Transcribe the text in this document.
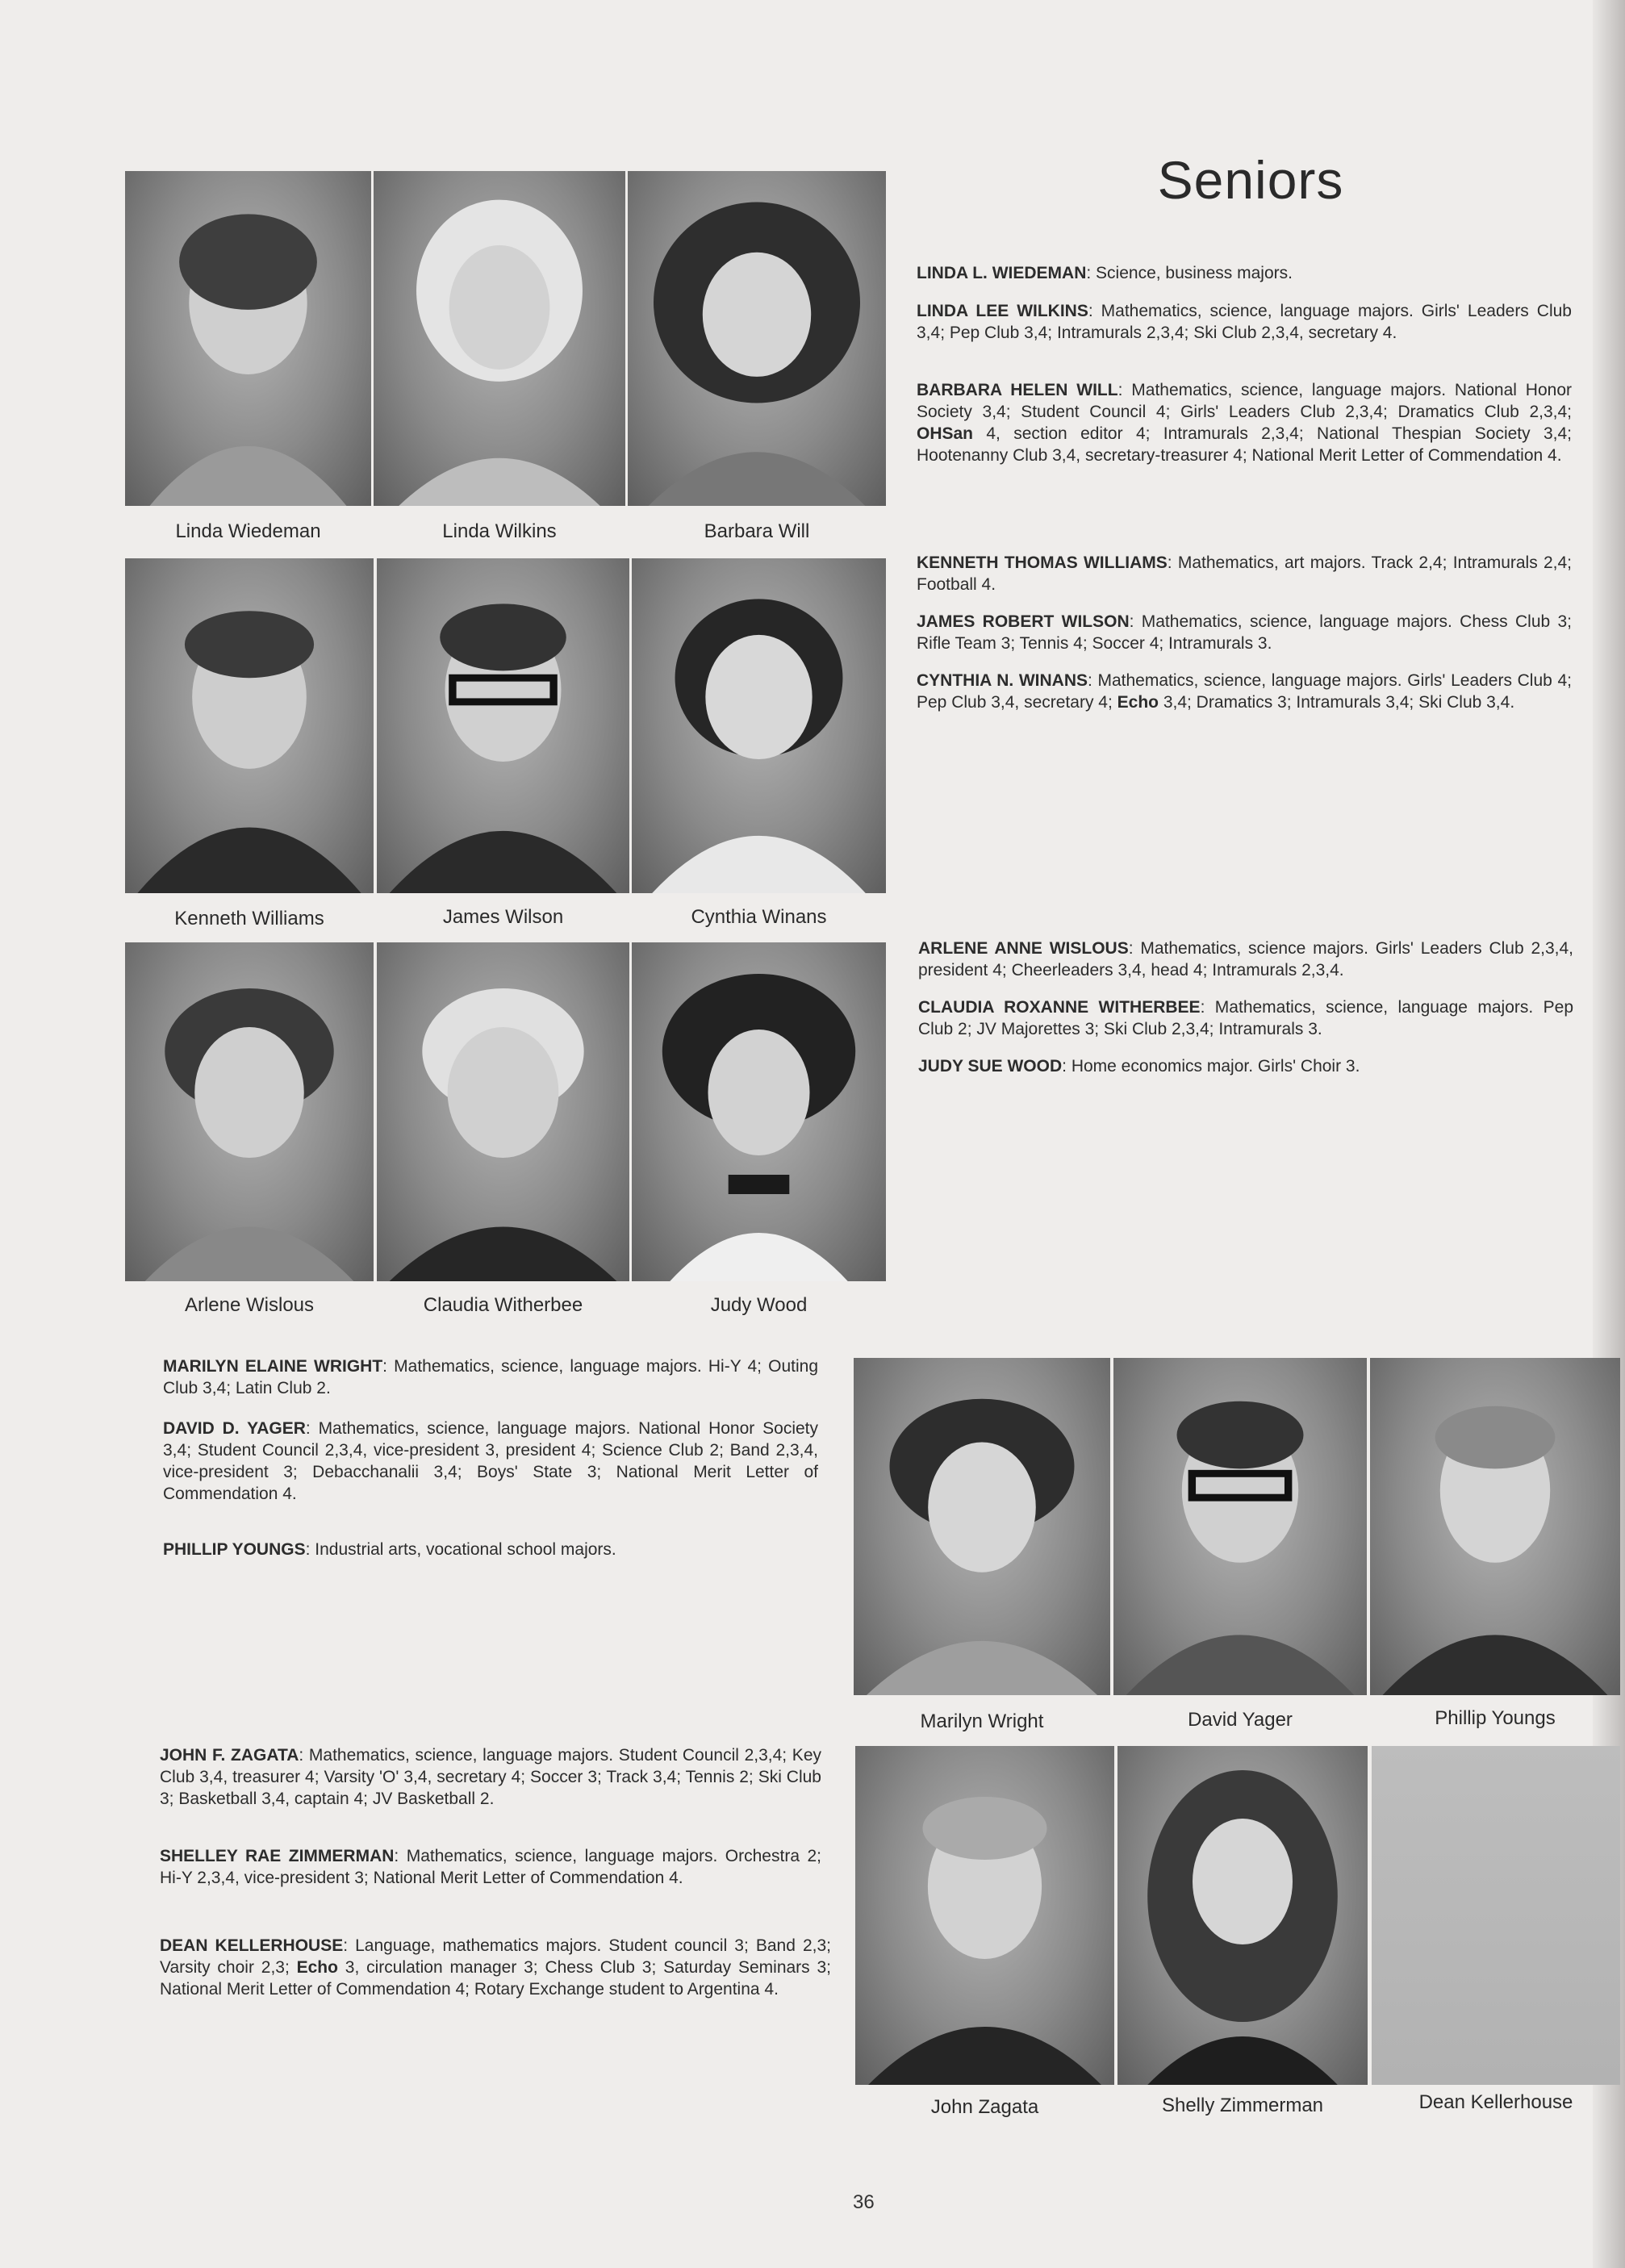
Seniors
Linda Wiedeman	Linda Wilkins	Barbara Will
Kenneth Williams	James Wilson	Cynthia Winans
Arlene Wislous	Claudia Witherbee	Judy Wood
Marilyn Wright	David Yager	Phillip Youngs
John Zagata	Shelly Zimmerman	Dean Kellerhouse
LINDA L. WIEDEMAN: Science, business majors.
LINDA LEE WILKINS: Mathematics, science, language majors. Girls' Leaders Club 3,4; Pep Club 3,4; Intramurals 2,3,4; Ski Club 2,3,4, secretary 4.
BARBARA HELEN WILL: Mathematics, science, language majors. National Honor Society 3,4; Student Council 4; Girls' Leaders Club 2,3,4; Dramatics Club 2,3,4; OHSan 4, section editor 4; Intramurals 2,3,4; National Thespian Society 3,4; Hootenanny Club 3,4, secretary-treasurer 4; National Merit Letter of Commendation 4.
KENNETH THOMAS WILLIAMS: Mathematics, art majors. Track 2,4; Intramurals 2,4; Football 4.
JAMES ROBERT WILSON: Mathematics, science, language majors. Chess Club 3; Rifle Team 3; Tennis 4; Soccer 4; Intramurals 3.
CYNTHIA N. WINANS: Mathematics, science, language majors. Girls' Leaders Club 4; Pep Club 3,4, secretary 4; Echo 3,4; Dramatics 3; Intramurals 3,4; Ski Club 3,4.
ARLENE ANNE WISLOUS: Mathematics, science majors. Girls' Leaders Club 2,3,4, president 4; Cheerleaders 3,4, head 4; Intramurals 2,3,4.
CLAUDIA ROXANNE WITHERBEE: Mathematics, science, language majors. Pep Club 2; JV Majorettes 3; Ski Club 2,3,4; Intramurals 3.
JUDY SUE WOOD: Home economics major. Girls' Choir 3.
MARILYN ELAINE WRIGHT: Mathematics, science, language majors. Hi-Y 4; Outing Club 3,4; Latin Club 2.
DAVID D. YAGER: Mathematics, science, language majors. National Honor Society 3,4; Student Council 2,3,4, vice-president 3, president 4; Science Club 2; Band 2,3,4, vice-president 3; Debacchanalii 3,4; Boys' State 3; National Merit Letter of Commendation 4.
PHILLIP YOUNGS: Industrial arts, vocational school majors.
JOHN F. ZAGATA: Mathematics, science, language majors. Student Council 2,3,4; Key Club 3,4, treasurer 4; Varsity 'O' 3,4, secretary 4; Soccer 3; Track 3,4; Tennis 2; Ski Club 3; Basketball 3,4, captain 4; JV Basketball 2.
SHELLEY RAE ZIMMERMAN: Mathematics, science, language majors. Orchestra 2; Hi-Y 2,3,4, vice-president 3; National Merit Letter of Commendation 4.
DEAN KELLERHOUSE: Language, mathematics majors. Student council 3; Band 2,3; Varsity choir 2,3; Echo 3, circulation manager 3; Chess Club 3; Saturday Seminars 3; National Merit Letter of Commendation 4; Rotary Exchange student to Argentina 4.
36
